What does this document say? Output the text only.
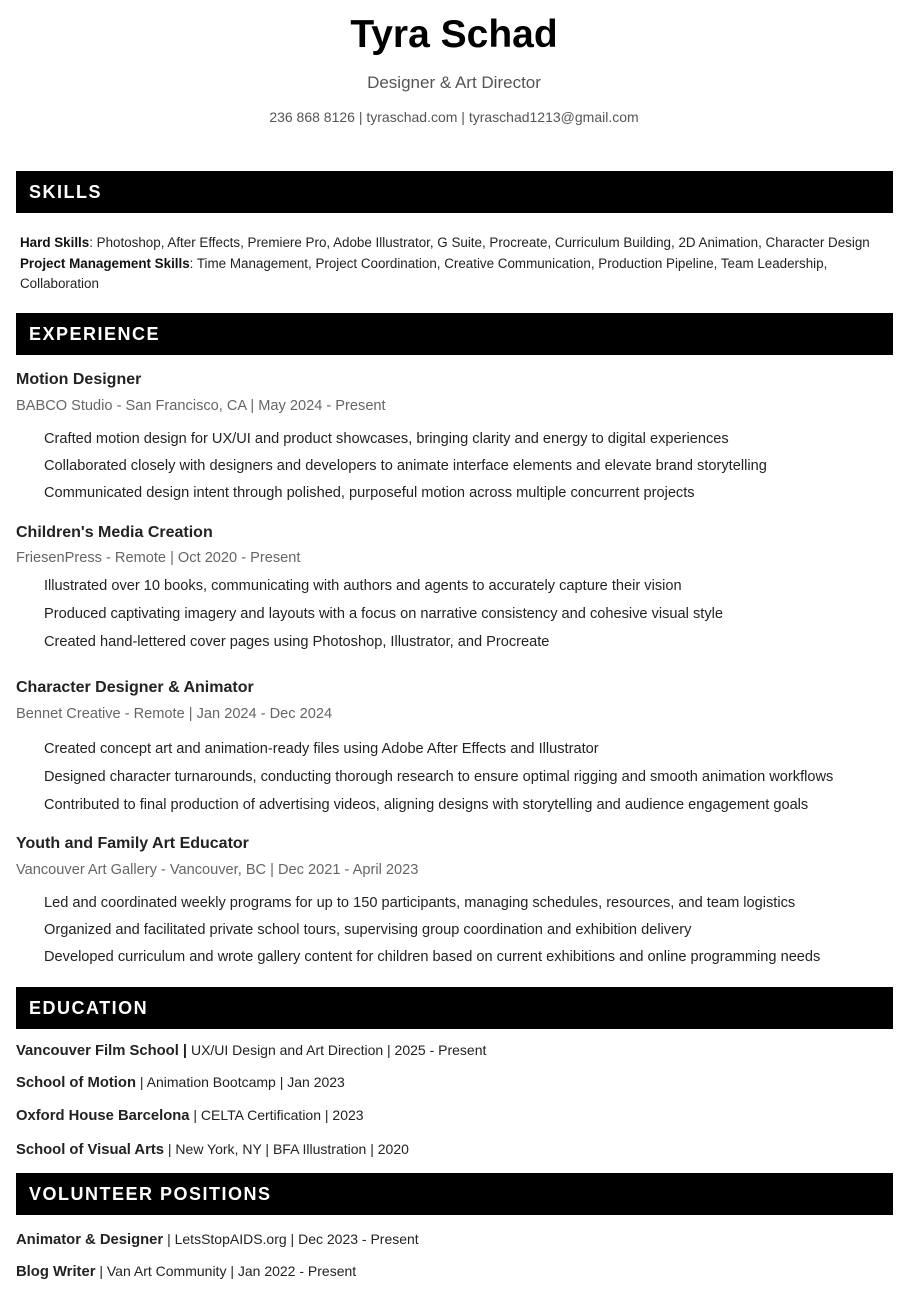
Tyra Schad
Designer & Art Director
236 868 8126 | tyraschad.com | tyraschad1213@gmail.com
SKILLS
Hard Skills: Photoshop, After Effects, Premiere Pro, Adobe Illustrator, G Suite, Procreate, Curriculum Building, 2D Animation, Character Design
Project Management Skills: Time Management, Project Coordination, Creative Communication, Production Pipeline, Team Leadership, Collaboration
EXPERIENCE
Motion Designer
BABCO Studio - San Francisco, CA | May 2024 - Present
Crafted motion design for UX/UI and product showcases, bringing clarity and energy to digital experiences
Collaborated closely with designers and developers to animate interface elements and elevate brand storytelling
Communicated design intent through polished, purposeful motion across multiple concurrent projects
Children's Media Creation
FriesenPress - Remote | Oct 2020 - Present
Illustrated over 10 books, communicating with authors and agents to accurately capture their vision
Produced captivating imagery and layouts with a focus on narrative consistency and cohesive visual style
Created hand-lettered cover pages using Photoshop, Illustrator, and Procreate
Character Designer & Animator
Bennet Creative - Remote | Jan 2024 - Dec 2024
Created concept art and animation-ready files using Adobe After Effects and Illustrator
Designed character turnarounds, conducting thorough research to ensure optimal rigging and smooth animation workflows
Contributed to final production of advertising videos, aligning designs with storytelling and audience engagement goals
Youth and Family Art Educator
Vancouver Art Gallery - Vancouver, BC | Dec 2021 - April 2023
Led and coordinated weekly programs for up to 150 participants, managing schedules, resources, and team logistics
Organized and facilitated private school tours, supervising group coordination and exhibition delivery
Developed curriculum and wrote gallery content for children based on current exhibitions and online programming needs
EDUCATION
Vancouver Film School | UX/UI Design and Art Direction | 2025 - Present
School of Motion | Animation Bootcamp | Jan 2023
Oxford House Barcelona | CELTA Certification | 2023
School of Visual Arts | New York, NY | BFA Illustration | 2020
VOLUNTEER POSITIONS
Animator & Designer | LetsStopAIDS.org | Dec 2023 - Present
Blog Writer | Van Art Community | Jan 2022 - Present
